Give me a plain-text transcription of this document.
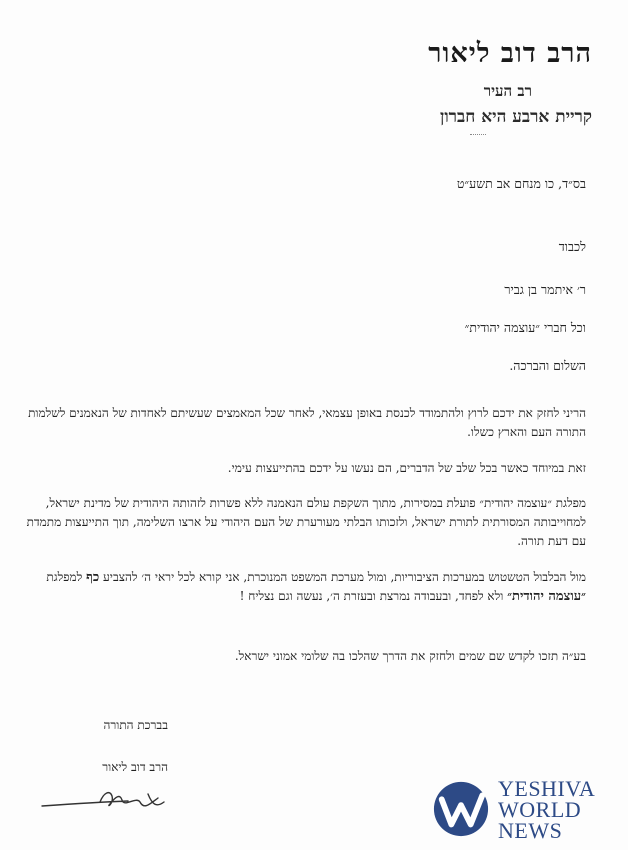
הרב דוב ליאור
רב העיר
קריית ארבע היא חברון
בס״ד, כו מנחם אב תשע״ט
לכבוד
ר׳ איתמר בן גביר
וכל חברי ״עוצמה יהודית״
השלום והברכה.
הריני לחזק את ידכם לרוץ ולהתמודד לכנסת באופן עצמאי, לאחר שכל המאמצים שעשיתם לאחדות של הנאמנים לשלמות התורה העם והארץ כשלו.
זאת במיוחד כאשר בכל שלב של הדברים, הם נעשו על ידכם בהתייעצות עימי.
מפלגת ״עוצמה יהודית״ פועלת במסירות, מתוך השקפת עולם הנאמנה ללא פשרות לזהותה היהודית של מדינת ישראל, למחוייבותה המסורתית לתורת ישראל, ולזכותו הבלתי מעורערת של העם היהודי על ארצו השלימה, תוך התייעצות מתמדת עם דעת תורה.
מול הבלבול הטשטוש במערכות הציבוריות, ומול מערכת המשפט המנוכרת, אני קורא לכל יראי ה׳ להצביע כף למפלגת ״עוצמה יהודית״ ולא לפחד, ובעבודה נמרצת ובעזרת ה׳, נעשה וגם נצליח !
בע״ה תזכו לקדש שם שמים ולחזק את הדרך שהלכו בה שלומי אמוני ישראל.
בברכת התורה
הרב דוב ליאור
YESHIVA
WORLD
NEWS
